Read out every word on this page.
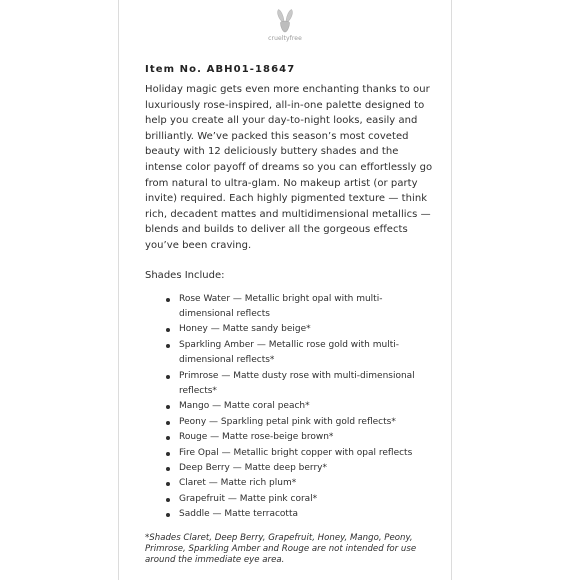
crueltyfree
Item No. ABH01-18647

Holiday magic gets even more enchanting thanks to our luxuriously rose-inspired, all-in-one palette designed to help you create all your day-to-night looks, easily and brilliantly. We’ve packed this season’s most coveted beauty with 12 deliciously buttery shades and the intense color payoff of dreams so you can effortlessly go from natural to ultra-glam. No makeup artist (or party invite) required. Each highly pigmented texture — think rich, decadent mattes and multidimensional metallics — blends and builds to deliver all the gorgeous effects you’ve been craving.

Shades Include:
Rose Water — Metallic bright opal with multi-dimensional reflects
Honey — Matte sandy beige*
Sparkling Amber — Metallic rose gold with multi-dimensional reflects*
Primrose — Matte dusty rose with multi-dimensional reflects*
Mango — Matte coral peach*
Peony — Sparkling petal pink with gold reflects*
Rouge — Matte rose-beige brown*
Fire Opal — Metallic bright copper with opal reflects
Deep Berry — Matte deep berry*
Claret — Matte rich plum*
Grapefruit — Matte pink coral*
Saddle — Matte terracotta
*Shades Claret, Deep Berry, Grapefruit, Honey, Mango, Peony, Primrose, Sparkling Amber and Rouge are not intended for use around the immediate eye area.
